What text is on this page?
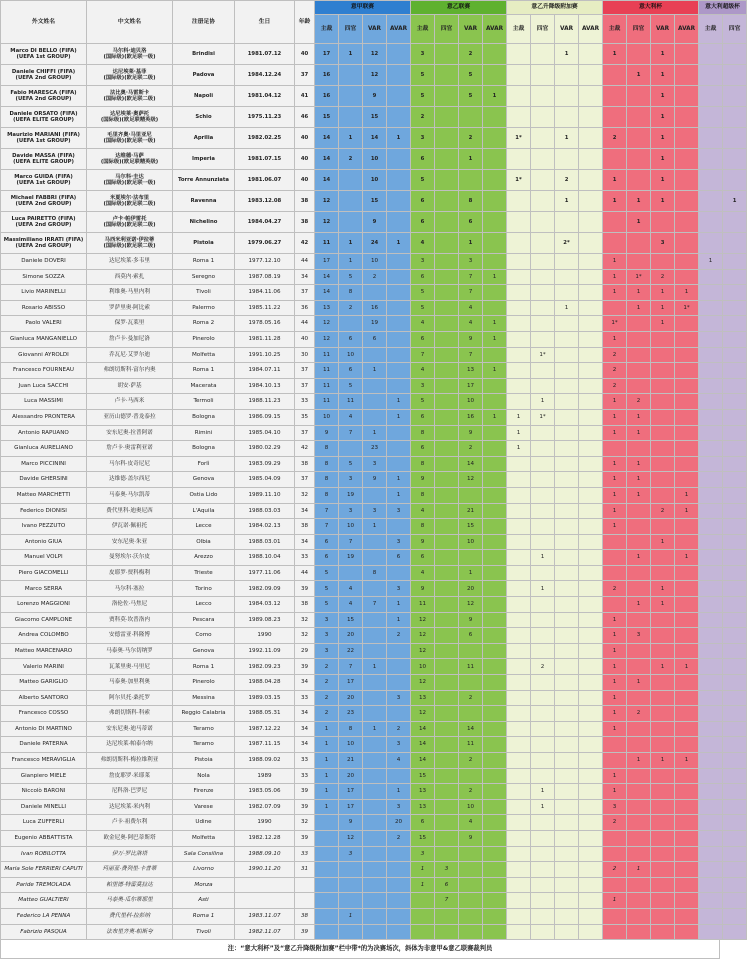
外文姓名	中文姓名	注册足协	生日	年龄	意甲联赛				意乙联赛				意乙升降级附加赛				意大利杯				意大利超级杯	
					主裁	四官	VAR	AVAR	主裁	四官	VAR	AVAR	主裁	四官	VAR	AVAR	主裁	四官	VAR	AVAR	主裁	四官
Marco DI BELLO (FIFA)
(UEFA 1st GROUP)	马尔科·迪贝洛
(国际级)(欧足联一级)	Brindisi	1981.07.12	40	17	1	12		3		2				1		1		1			
Daniele CHIFFI (FIFA)
(UEFA 2nd GROUP)	达尼埃莱·基菲
(国际级)(欧足联二级)	Padova	1984.12.24	37	16		12		5		5							1	1			
Fabio MARESCA (FIFA)
(UEFA 2nd GROUP)	法比奥·马雷斯卡
(国际级)(欧足联二级)	Napoli	1981.04.12	41	16		9		5		5	1							1			
Daniele ORSATO (FIFA)
(UEFA ELITE GROUP)	达尼埃莱·奥萨托
(国际级)(欧足联精英级)	Schio	1975.11.23	46	15		15		2										1			
Maurizio MARIANI (FIFA)
(UEFA 1st GROUP)	毛里齐奥·马里亚尼
(国际级)(欧足联一级)	Aprilia	1982.02.25	40	14	1	14	1	3		2		1*		1		2		1			
Davide MASSA (FIFA)
(UEFA ELITE GROUP)	达维德·马萨
(国际级)(欧足联精英级)	Imperia	1981.07.15	40	14	2	10		6		1								1			
Marco GUIDA (FIFA)
(UEFA 1st GROUP)	马尔科·圭达
(国际级)(欧足联一级)	Torre Annunziata	1981.06.07	40	14		10		5				1*		2		1		1			
Michael FABBRI (FIFA)
(UEFA 2nd GROUP)	米夏埃尔·法布里
(国际级)(欧足联二级)	Ravenna	1983.12.08	38	12		15		6		8				1		1	1	1			1
Luca PAIRETTO (FIFA)
(UEFA 2nd GROUP)	卢卡·帕伊雷托
(国际级)(欧足联二级)	Nichelino	1984.04.27	38	12		9		6		6							1				
Massimiliano IRRATI (FIFA)
(UEFA 2nd GROUP)	马西米利亚诺·伊拉蒂
(国际级)(欧足联二级)	Pistoia	1979.06.27	42	11	1	24	1	4		1				2*				3			
Daniele DOVERI	达尼埃莱·多韦里	Roma 1	1977.12.10	44	17	1	10		3		3						1				1	
Simone SOZZA	西莫内·索扎	Seregno	1987.08.19	34	14	5	2		6		7	1					1	1*	2			
Livio MARINELLI	利维奥·马里内利	Tivoli	1984.11.06	37	14	8			5		7						1	1	1	1		
Rosario ABISSO	罗萨里奥·阿比索	Palermo	1985.11.22	36	13	2	16		5		4				1			1	1	1*		
Paolo VALERI	保罗·瓦莱里	Roma 2	1978.05.16	44	12		19		4		4	1					1*		1			
Gianluca MANGANIELLO	詹卢卡·曼加尼洛	Pinerolo	1981.11.28	40	12	6	6		6		9	1					1					
Giovanni AYROLDI	乔瓦尼·艾罗尔迪	Molfetta	1991.10.25	30	11	10			7		7			1*			2					
Francesco FOURNEAU	弗朗切斯科·富尔内奥	Roma 1	1984.07.11	37	11	6	1		4		13	1					2					
Juan Luca SACCHI	胡安·萨基	Macerata	1984.10.13	37	11	5			3		17						2					
Luca MASSIMI	卢卡·马西米	Termoli	1988.11.23	33	11	11		1	5		10			1			1	2				
Alessandro PRONTERA	亚历山德罗·普龙泰拉	Bologna	1986.09.15	35	10	4		1	6		16	1	1	1*			1	1				
Antonio RAPUANO	安东尼奥·拉普阿诺	Rimini	1985.04.10	37	9	7	1		8		9		1				1	1				
Gianluca AURELIANO	詹卢卡·奥雷利亚诺	Bologna	1980.02.29	42	8		23		6		2		1									
Marco PICCININI	马尔科·皮奇尼尼	Forlì	1983.09.29	38	8	5	3		8		14						1	1				
Davide GHERSINI	达维德·盖尔西尼	Genova	1985.04.09	37	8	3	9	1	9		12						1	1				
Matteo MARCHETTI	马泰奥·马尔凯蒂	Ostia Lido	1989.11.10	32	8	19		1	8								1	1		1		
Federico DIONISI	费代里科·迪奥尼西	L'Aquila	1988.03.03	34	7	3	3	3	4		21						1		2	1		
Ivano PEZZUTO	伊瓦诺·佩祖托	Lecce	1984.02.13	38	7	10	1		8		15						1					
Antonio GIUA	安东尼奥·朱亚	Olbia	1988.03.01	34	6	7		3	9		10								1			
Manuel VOLPI	曼努埃尔·沃尔皮	Arezzo	1988.10.04	33	6	19		6	6					1				1		1		
Piero GIACOMELLI	皮耶罗·贾科梅利	Trieste	1977.11.06	44	5		8		4		1											
Marco SERRA	马尔科·塞拉	Torino	1982.09.09	39	5	4		3	9		20			1			2		1			
Lorenzo MAGGIONI	洛伦佐·马焦尼	Lecco	1984.03.12	38	5	4	7	1	11		12							1	1			
Giacomo CAMPLONE	贾科莫·坎普洛内	Pescara	1989.08.23	32	3	15		1	12		9						1					
Andrea COLOMBO	安德雷亚·科隆博	Como	1990	32	3	20		2	12		6						1	3				
Matteo MARCENARO	马泰奥·马尔切纳罗	Genova	1992.11.09	29	3	22			12								1					
Valerio MARINI	瓦莱里奥·马里尼	Roma 1	1982.09.23	39	2	7	1		10		11			2			1		1	1		
Matteo GARIGLIO	马泰奥·加里利奥	Pinerolo	1988.04.28	34	2	17			12								1	1				
Alberto SANTORO	阿尔贝托·桑托罗	Messina	1989.03.15	33	2	20		3	13		2						1					
Francesco COSSO	弗朗切斯科·科索	Reggio Calabria	1988.05.31	34	2	23			12								1	2				
Antonio DI MARTINO	安东尼奥·迪马蒂诺	Teramo	1987.12.22	34	1	8	1	2	14		14						1					
Daniele PATERNA	达尼埃莱·帕泰尔纳	Teramo	1987.11.15	34	1	10		3	14		11											
Francesco MERAVIGLIA	弗朗切斯科·梅拉维利亚	Pistoia	1988.09.02	33	1	21		4	14		2							1	1	1		
Gianpiero MIELE	詹皮耶罗·米耶莱	Nola	1989	33	1	20			15								1					
Niccolò BARONI	尼科洛·巴罗尼	Firenze	1983.05.06	39	1	17		1	13		2			1			1					
Daniele MINELLI	达尼埃莱·米内利	Varese	1982.07.09	39	1	17		3	13		10			1			3					
Luca ZUFFERLI	卢卡·祖费尔利	Udine	1990	32		9		20	6		4						2					
Eugenio ABBATTISTA	欧金尼奥·阿巴蒂斯塔	Molfetta	1982.12.28	39		12		2	15		9											
Ivan ROBILOTTA	伊万·罗比洛塔	Sala Consilina	1988.09.10	33		3			3													
Maria Sole FERRIERI CAPUTI	玛丽亚·费列里·卡普蒂	Livorno	1990.11.20	31					1	3							2	1				
Paride TREMOLADA	帕里德·特雷莫拉达	Monza							1	6												
Matteo GUALTIERI	马泰奥·瓜尔蒂耶里	Asti								7							1					
Federico LA PENNA	费代里科·拉彭纳	Roma 1	1983.11.07	38		1																
Fabrizio PASQUA	法布里齐奥·帕斯夸	Tivoli	1982.11.07	39																		
注：“意大利杯”及“意乙升降级附加赛”栏中带*的为决赛场次，斜体为非意甲&意乙联赛裁判员
